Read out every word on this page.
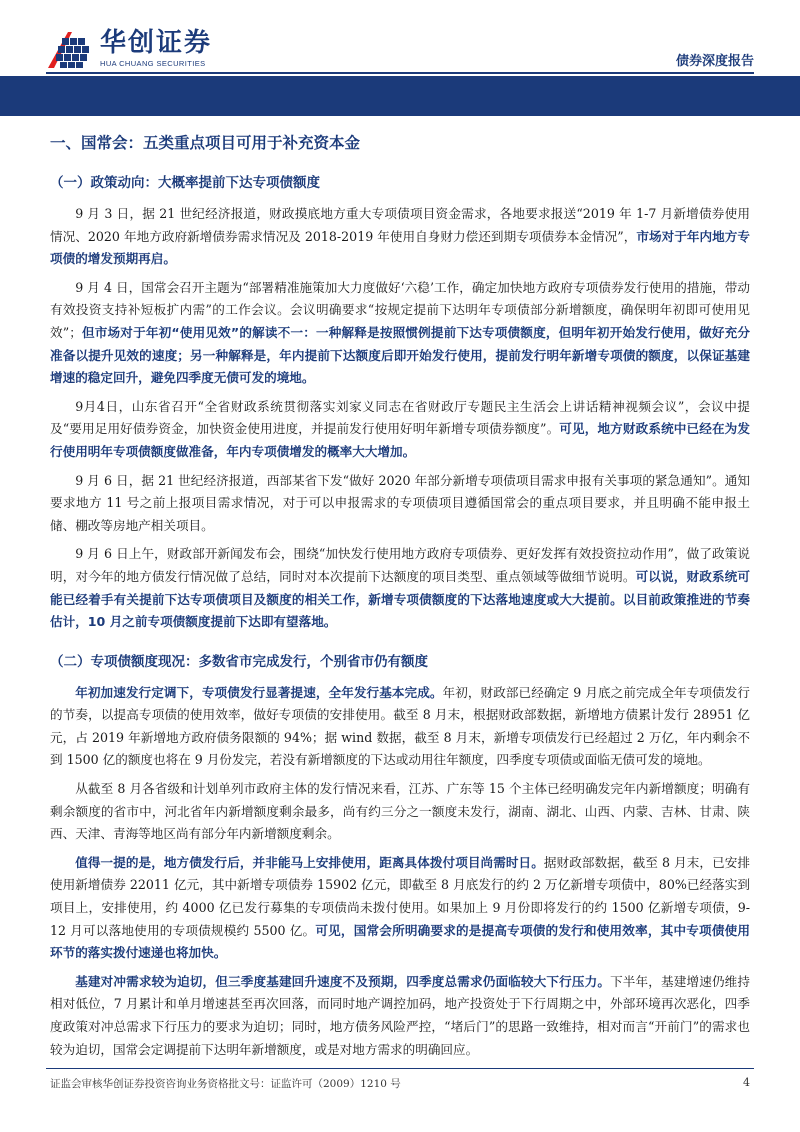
华创证券
HUA CHUANG SECURITIES	债券深度报告
一、国常会：五类重点项目可用于补充资本金
（一）政策动向：大概率提前下达专项债额度

9 月 3 日，据 21 世纪经济报道，财政摸底地方重大专项债项目资金需求，各地要求报送“2019 年 1-7 月新增债券使用情况、2020 年地方政府新增债券需求情况及 2018-2019 年使用自身财力偿还到期专项债券本金情况”，市场对于年内地方专项债的增发预期再启。

9 月 4 日，国常会召开主题为“部署精准施策加大力度做好‘六稳’工作，确定加快地方政府专项债券发行使用的措施，带动有效投资支持补短板扩内需”的工作会议。会议明确要求“按规定提前下达明年专项债部分新增额度，确保明年初即可使用见效”；但市场对于年初“使用见效”的解读不一：一种解释是按照惯例提前下达专项债额度，但明年初开始发行使用，做好充分准备以提升见效的速度；另一种解释是，年内提前下达额度后即开始发行使用，提前发行明年新增专项债的额度，以保证基建增速的稳定回升，避免四季度无债可发的境地。

9月4日，山东省召开“全省财政系统贯彻落实刘家义同志在省财政厅专题民主生活会上讲话精神视频会议”，会议中提及“要用足用好债券资金，加快资金使用进度，并提前发行使用好明年新增专项债券额度”。可见，地方财政系统中已经在为发行使用明年专项债额度做准备，年内专项债增发的概率大大增加。

9 月 6 日，据 21 世纪经济报道，西部某省下发“做好 2020 年部分新增专项债项目需求申报有关事项的紧急通知”。通知要求地方 11 号之前上报项目需求情况，对于可以申报需求的专项债项目遵循国常会的重点项目要求，并且明确不能申报土储、棚改等房地产相关项目。

9 月 6 日上午，财政部开新闻发布会，围绕“加快发行使用地方政府专项债券、更好发挥有效投资拉动作用”，做了政策说明，对今年的地方债发行情况做了总结，同时对本次提前下达额度的项目类型、重点领域等做细节说明。可以说，财政系统可能已经着手有关提前下达专项债项目及额度的相关工作，新增专项债额度的下达落地速度或大大提前。以目前政策推进的节奏估计，10 月之前专项债额度提前下达即有望落地。

（二）专项债额度现况：多数省市完成发行，个别省市仍有额度

年初加速发行定调下，专项债发行显著提速，全年发行基本完成。年初，财政部已经确定 9 月底之前完成全年专项债发行的节奏，以提高专项债的使用效率，做好专项债的安排使用。截至 8 月末，根据财政部数据，新增地方债累计发行 28951 亿元，占 2019 年新增地方政府债务限额的 94%；据 wind 数据，截至 8 月末，新增专项债发行已经超过 2 万亿，年内剩余不到 1500 亿的额度也将在 9 月份发完，若没有新增额度的下达或动用往年额度，四季度专项债或面临无债可发的境地。

从截至 8 月各省级和计划单列市政府主体的发行情况来看，江苏、广东等 15 个主体已经明确发完年内新增额度；明确有剩余额度的省市中，河北省年内新增额度剩余最多，尚有约三分之一额度未发行，湖南、湖北、山西、内蒙、吉林、甘肃、陕西、天津、青海等地区尚有部分年内新增额度剩余。

值得一提的是，地方债发行后，并非能马上安排使用，距离具体拨付项目尚需时日。据财政部数据，截至 8 月末，已安排使用新增债券 22011 亿元，其中新增专项债券 15902 亿元，即截至 8 月底发行的约 2 万亿新增专项债中，80%已经落实到项目上，安排使用，约 4000 亿已发行募集的专项债尚未拨付使用。如果加上 9 月份即将发行的约 1500 亿新增专项债，9-12 月可以落地使用的专项债规模约 5500 亿。可见，国常会所明确要求的是提高专项债的发行和使用效率，其中专项债使用环节的落实拨付速递也将加快。

基建对冲需求较为迫切，但三季度基建回升速度不及预期，四季度总需求仍面临较大下行压力。下半年，基建增速仍维持相对低位，7 月累计和单月增速甚至再次回落，而同时地产调控加码，地产投资处于下行周期之中，外部环境再次恶化，四季度政策对冲总需求下行压力的要求为迫切；同时，地方债务风险严控，“堵后门”的思路一致维持，相对而言“开前门”的需求也较为迫切，国常会定调提前下达明年新增额度，或是对地方需求的明确回应。

证监会审核华创证券投资咨询业务资格批文号：证监许可（2009）1210 号	4
